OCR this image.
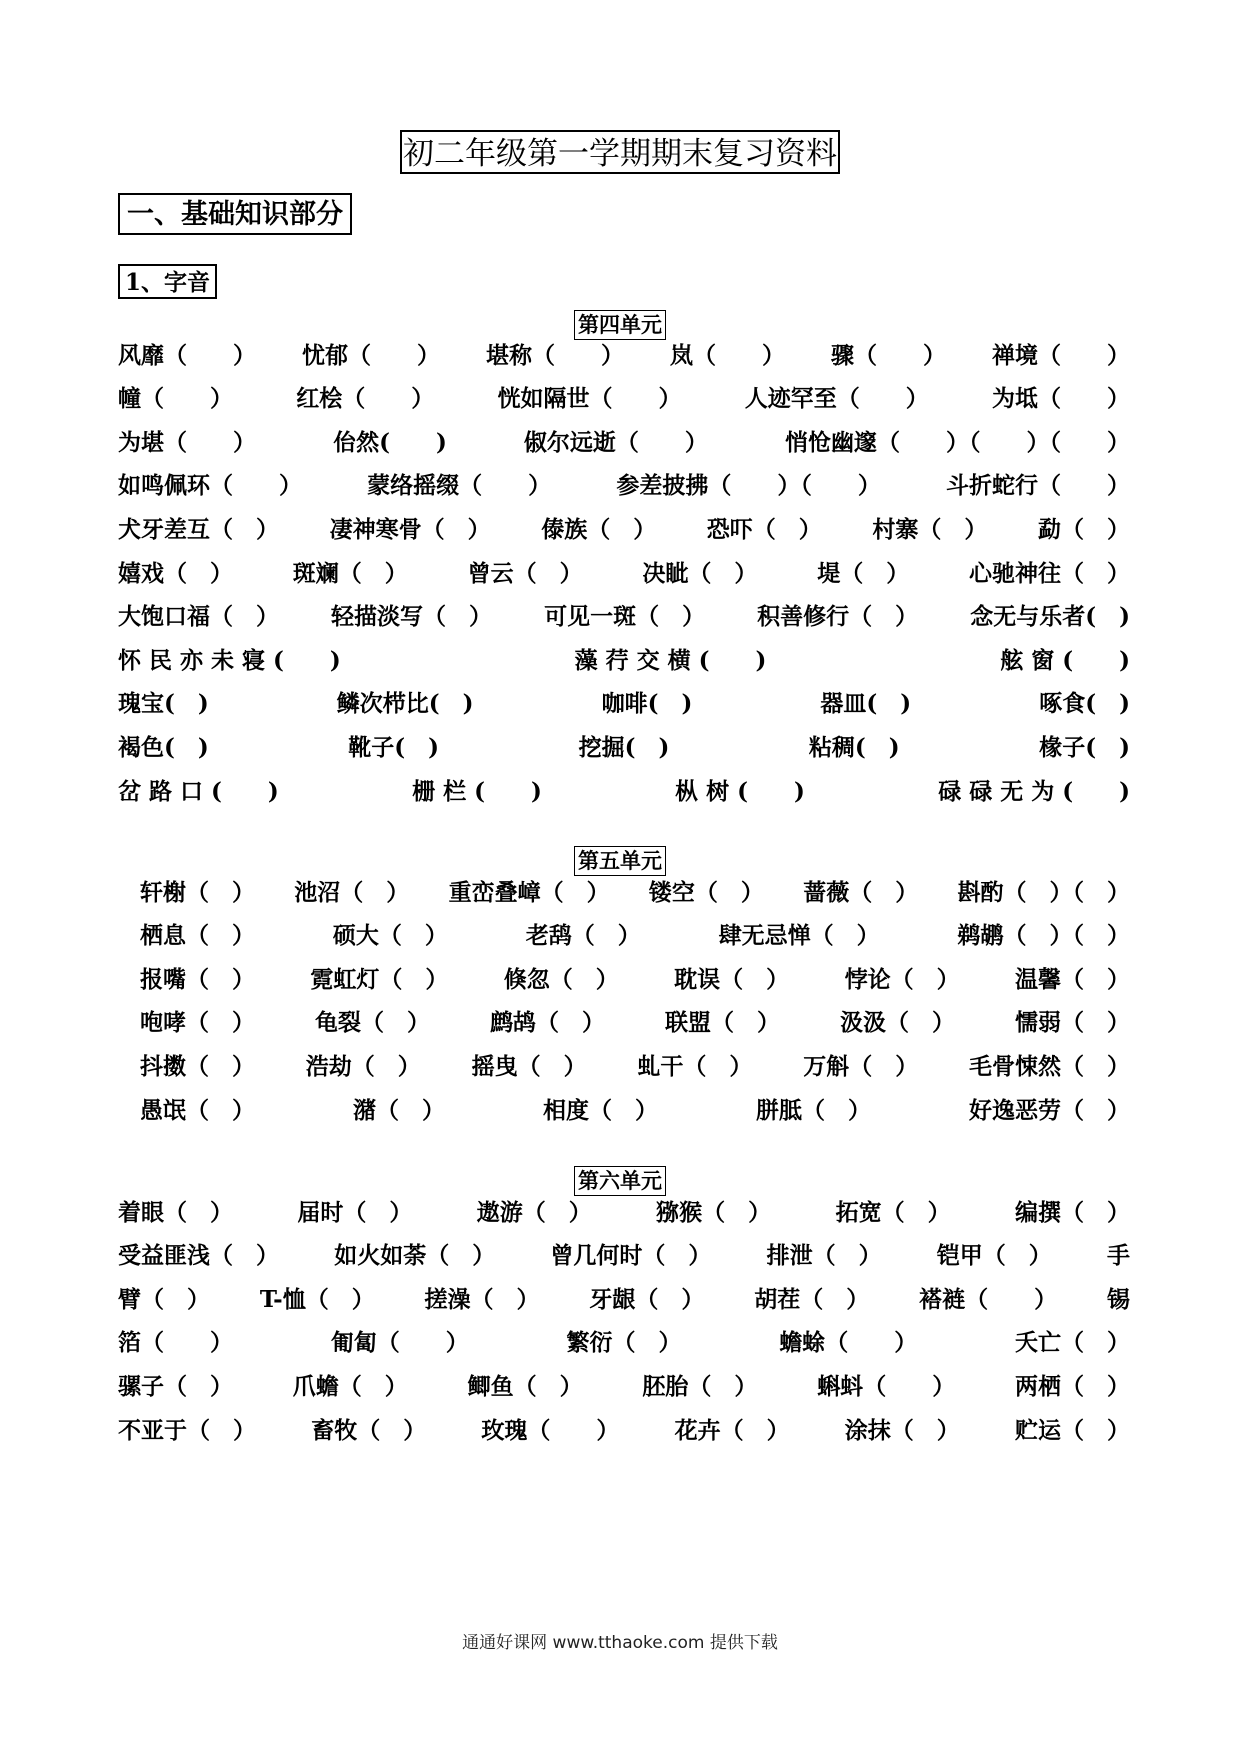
初二年级第一学期期末复习资料
一、基础知识部分
1、字音
第四单元
风靡（　　） 忧郁（　　） 堪称（　　） 岚（　　） 骤（　　） 禅境（　　）
幢（　　）	红桧（　　）	恍如隔世（　　）	人迹罕至（　　）	为坻（　　）
为堪（　　）	佁然(　　)	俶尔远逝（　　）	悄怆幽邃（　　）（　　）（　　）
如鸣佩环（　　）	蒙络摇缀（　　）	参差披拂（　　）（　　）	斗折蛇行（　　）
犬牙差互（　） 凄神寒骨（　） 傣族（　） 恐吓（　） 村寨（　） 勐（　）
嬉戏（　）	斑斓（　）	曾云（　）	决眦（　）	堤（　）	心驰神往（　）
大饱口福（　） 轻描淡写（　） 可见一斑（　） 积善修行（　） 念无与乐者(　)
怀 民 亦 未 寝 (　　)	藻 荇 交 横 (　　)	舷 窗 (　　)
瑰宝(　)	鳞次栉比(　)	咖啡(　)	器皿(　)	啄食(　)
褐色(　)	靴子(　)	挖掘(　)	粘稠(　)	椽子(　)
岔 路 口 (　　)	栅 栏 (　　)	枞 树 (　　)	碌 碌 无 为 (　　)
第五单元
轩榭（　） 池沼（　） 重峦叠嶂（　） 镂空（　） 蔷薇（　） 斟酌（　）（　）
栖息（　）	硕大（　）	老鸹（　）	肆无忌惮（　）	鹈鹕（　）（　）
报嘴（　） 霓虹灯（　） 倏忽（　） 耽误（　） 悖论（　） 温馨（　）
咆哮（　）	龟裂（　）	鹧鸪（　）	联盟（　）	汲汲（　）	懦弱（　）
抖擞（　） 浩劫（　） 摇曳（　） 虬干（　） 万斛（　） 毛骨悚然（　）
愚氓（　）	潴（　）	相度（　）	胼胝（　）	好逸恶劳（　）
第六单元
着眼（　）	届时（　）	遨游（　）	猕猴（　）	拓宽（　）	编撰（　）
受益匪浅（　） 如火如荼（　） 曾几何时（　） 排泄（　） 铠甲（　） 手
臂（　） T-恤（　） 搓澡（　） 牙龈（　） 胡茬（　） 褡裢（　　） 锡
箔（　　）	匍匐（　　）	繁衍（　）	蟾蜍（　　）	夭亡（　）
骡子（　）	爪蟾（　）	鲫鱼（　）	胚胎（　）	蝌蚪（　　）	两栖（　）
不亚于（　） 畜牧（　） 玫瑰（　　） 花卉（　） 涂抹（　） 贮运（　）
通通好课网 www.tthaoke.com 提供下载
